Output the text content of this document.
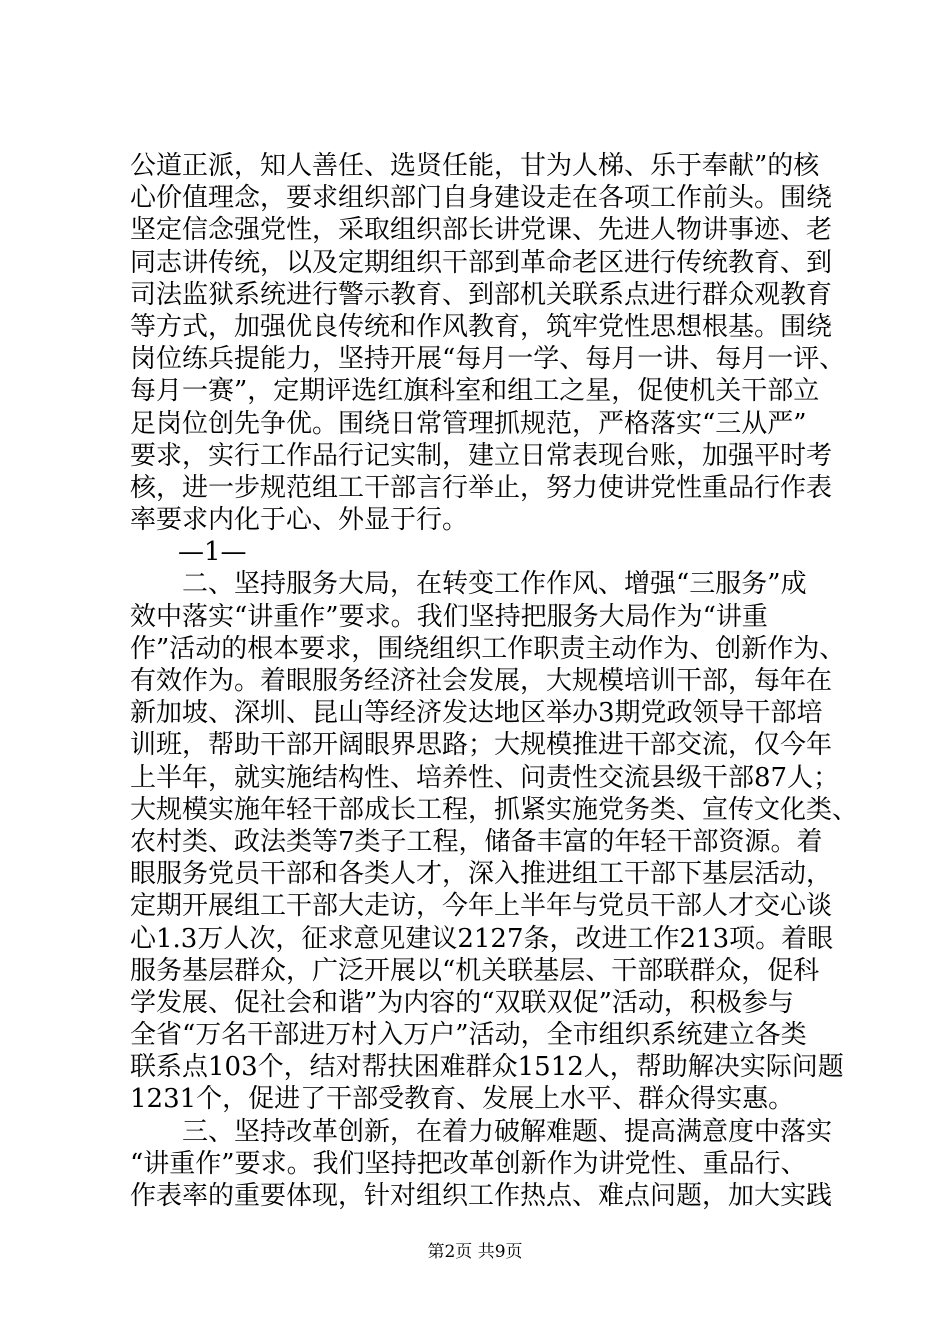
公道正派，知人善任、选贤任能，甘为人梯、乐于奉献”的核
心价值理念，要求组织部门自身建设走在各项工作前头。围绕
坚定信念强党性，采取组织部长讲党课、先进人物讲事迹、老
同志讲传统，以及定期组织干部到革命老区进行传统教育、到
司法监狱系统进行警示教育、到部机关联系点进行群众观教育
等方式，加强优良传统和作风教育，筑牢党性思想根基。围绕
岗位练兵提能力，坚持开展“每月一学、每月一讲、每月一评、
每月一赛”，定期评选红旗科室和组工之星，促使机关干部立
足岗位创先争优。围绕日常管理抓规范，严格落实“三从严”
要求，实行工作品行记实制，建立日常表现台账，加强平时考
核，进一步规范组工干部言行举止，努力使讲党性重品行作表
率要求内化于心、外显于行。
—1—
二、坚持服务大局，在转变工作作风、增强“三服务”成
效中落实“讲重作”要求。我们坚持把服务大局作为“讲重
作”活动的根本要求，围绕组织工作职责主动作为、创新作为、
有效作为。着眼服务经济社会发展，大规模培训干部，每年在
新加坡、深圳、昆山等经济发达地区举办3期党政领导干部培
训班，帮助干部开阔眼界思路；大规模推进干部交流，仅今年
上半年，就实施结构性、培养性、问责性交流县级干部87人；
大规模实施年轻干部成长工程，抓紧实施党务类、宣传文化类、
农村类、政法类等7类子工程，储备丰富的年轻干部资源。着
眼服务党员干部和各类人才，深入推进组工干部下基层活动，
定期开展组工干部大走访，今年上半年与党员干部人才交心谈
心1.3万人次，征求意见建议2127条，改进工作213项。着眼
服务基层群众，广泛开展以“机关联基层、干部联群众，促科
学发展、促社会和谐”为内容的“双联双促”活动，积极参与
全省“万名干部进万村入万户”活动，全市组织系统建立各类
联系点103个，结对帮扶困难群众1512人，帮助解决实际问题
1231个，促进了干部受教育、发展上水平、群众得实惠。
三、坚持改革创新，在着力破解难题、提高满意度中落实
“讲重作”要求。我们坚持把改革创新作为讲党性、重品行、
作表率的重要体现，针对组织工作热点、难点问题，加大实践
第2页 共9页
